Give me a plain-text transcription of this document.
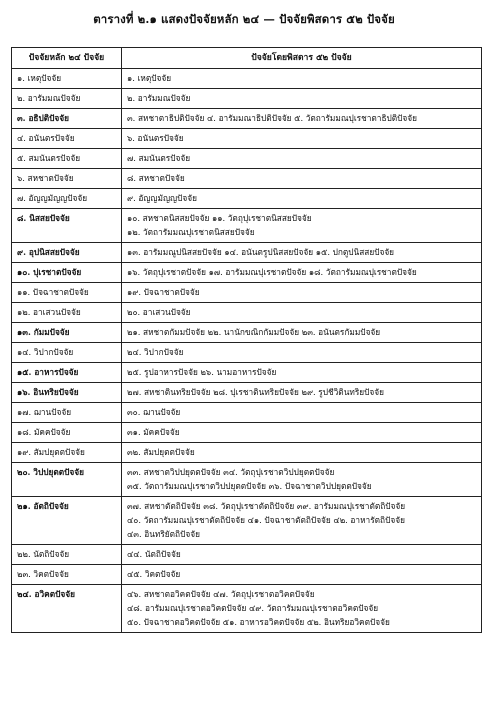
ตารางที่ ๒.๑ แสดงปัจจัยหลัก ๒๔ — ปัจจัยพิสดาร ๕๒ ปัจจัย
ปัจจัยหลัก ๒๔ ปัจจัย	ปัจจัยโดยพิสดาร ๕๒ ปัจจัย
๑. เหตุปัจจัย	๑. เหตุปัจจัย
๒. อารัมมณปัจจัย	๒. อารัมมณปัจจัย
๓. อธิปติปัจจัย	๓. สหชาตาธิปติปัจจัย ๔. อารัมมณาธิปติปัจจัย ๕. วัตถารัมมณปุเรชาตาธิปติปัจจัย
๔. อนันตรปัจจัย	๖. อนันตรปัจจัย
๕. สมนันตรปัจจัย	๗. สมนันตรปัจจัย
๖. สหชาตปัจจัย	๘. สหชาตปัจจัย
๗. อัญญมัญญปัจจัย	๙. อัญญมัญญปัจจัย
๘. นิสสยปัจจัย	๑๐. สหชาตนิสสยปัจจัย ๑๑. วัตถุปุเรชาตนิสสยปัจจัย
๑๒. วัตถารัมมณปุเรชาตนิสสยปัจจัย

๙. อุปนิสสยปัจจัย	๑๓. อารัมมณูปนิสสยปัจจัย ๑๔. อนันตรูปนิสสยปัจจัย ๑๕. ปกตูปนิสสยปัจจัย
๑๐. ปุเรชาตปัจจัย	๑๖. วัตถุปุเรชาตปัจจัย ๑๗. อารัมมณปุเรชาตปัจจัย ๑๘. วัตถารัมมณปุเรชาตปัจจัย
๑๑. ปัจฉาชาตปัจจัย	๑๙. ปัจฉาชาตปัจจัย
๑๒. อาเสวนปัจจัย	๒๐. อาเสวนปัจจัย
๑๓. กัมมปัจจัย	๒๑. สหชาตกัมมปัจจัย ๒๒. นานักขณิกกัมมปัจจัย ๒๓. อนันตรกัมมปัจจัย
๑๔. วิปากปัจจัย	๒๔. วิปากปัจจัย
๑๕. อาหารปัจจัย	๒๕. รูปอาหารปัจจัย ๒๖. นามอาหารปัจจัย
๑๖. อินทริยปัจจัย	๒๗. สหชาตินทริยปัจจัย ๒๘. ปุเรชาตินทริยปัจจัย ๒๙. รูปชีวิตินทริยปัจจัย
๑๗. ฌานปัจจัย	๓๐. ฌานปัจจัย
๑๘. มัคคปัจจัย	๓๑. มัคคปัจจัย
๑๙. สัมปยุตตปัจจัย	๓๒. สัมปยุตตปัจจัย
๒๐. วิปปยุตตปัจจัย	๓๓. สหชาตวิปปยุตตปัจจัย ๓๔. วัตถุปุเรชาตวิปปยุตตปัจจัย
๓๕. วัตถารัมมณปุเรชาตวิปปยุตตปัจจัย ๓๖. ปัจฉาชาตวิปปยุตตปัจจัย

๒๑. อัตถิปัจจัย	๓๗. สหชาตัตถิปัจจัย ๓๘. วัตถุปุเรชาตัตถิปัจจัย ๓๙. อารัมมณปุเรชาตัตถิปัจจัย
๔๐. วัตถารัมมณปุเรชาตัตถิปัจจัย ๔๑. ปัจฉาชาตัตถิปัจจัย ๔๒. อาหารัตถิปัจจัย
๔๓. อินทริยัตถิปัจจัย

๒๒. นัตถิปัจจัย	๔๔. นัตถิปัจจัย
๒๓. วิคตปัจจัย	๔๕. วิคตปัจจัย
๒๔. อวิคตปัจจัย	๔๖. สหชาตอวิคตปัจจัย ๔๗. วัตถุปุเรชาตอวิคตปัจจัย
๔๘. อารัมมณปุเรชาตอวิคตปัจจัย ๔๙. วัตถารัมมณปุเรชาตอวิคตปัจจัย
๕๐. ปัจฉาชาตอวิคตปัจจัย ๕๑. อาหารอวิคตปัจจัย ๕๒. อินทริยอวิคตปัจจัย
